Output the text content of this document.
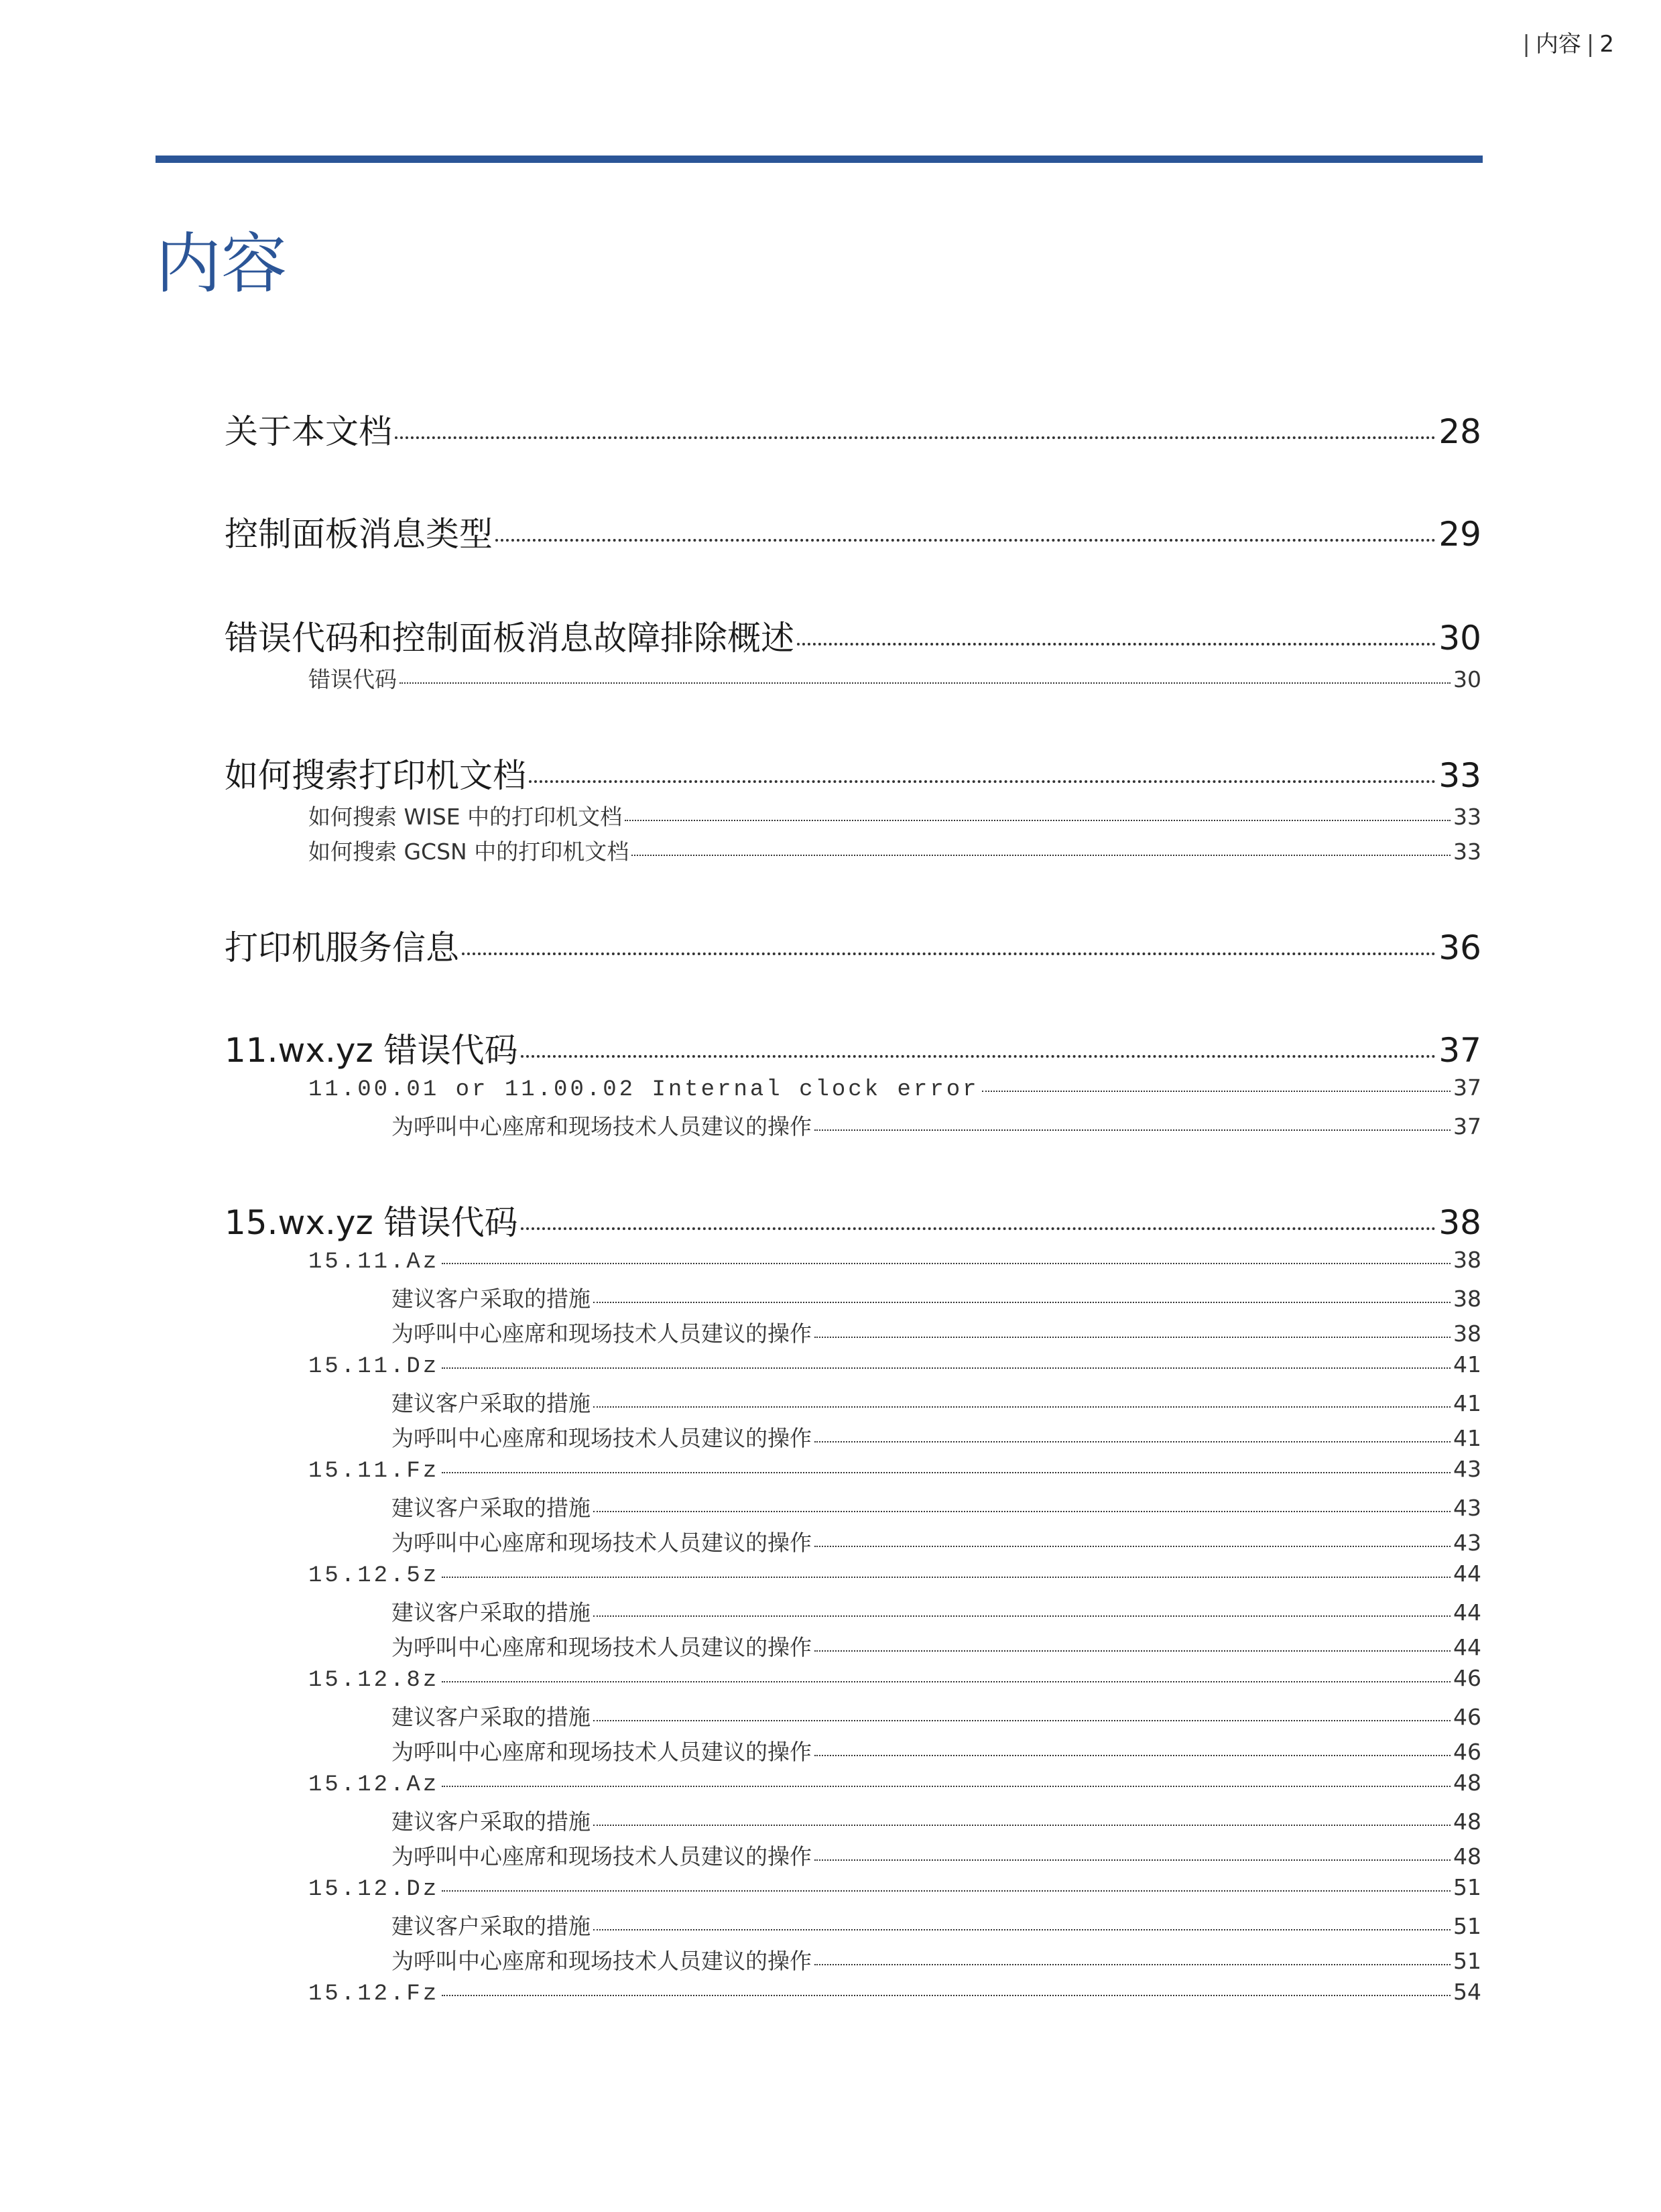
| 内容 | 2
内容
关于本文档	28
控制面板消息类型	29
错误代码和控制面板消息故障排除概述	30
错误代码	30
如何搜索打印机文档	33
如何搜索 WISE 中的打印机文档	33
如何搜索 GCSN 中的打印机文档	33
打印机服务信息	36
11.wx.yz 错误代码	37
11.00.01 or 11.00.02 Internal clock error	37
为呼叫中心座席和现场技术人员建议的操作	37
15.wx.yz 错误代码	38
15.11.Az	38
建议客户采取的措施	38
为呼叫中心座席和现场技术人员建议的操作	38
15.11.Dz	41
建议客户采取的措施	41
为呼叫中心座席和现场技术人员建议的操作	41
15.11.Fz	43
建议客户采取的措施	43
为呼叫中心座席和现场技术人员建议的操作	43
15.12.5z	44
建议客户采取的措施	44
为呼叫中心座席和现场技术人员建议的操作	44
15.12.8z	46
建议客户采取的措施	46
为呼叫中心座席和现场技术人员建议的操作	46
15.12.Az	48
建议客户采取的措施	48
为呼叫中心座席和现场技术人员建议的操作	48
15.12.Dz	51
建议客户采取的措施	51
为呼叫中心座席和现场技术人员建议的操作	51
15.12.Fz	54
